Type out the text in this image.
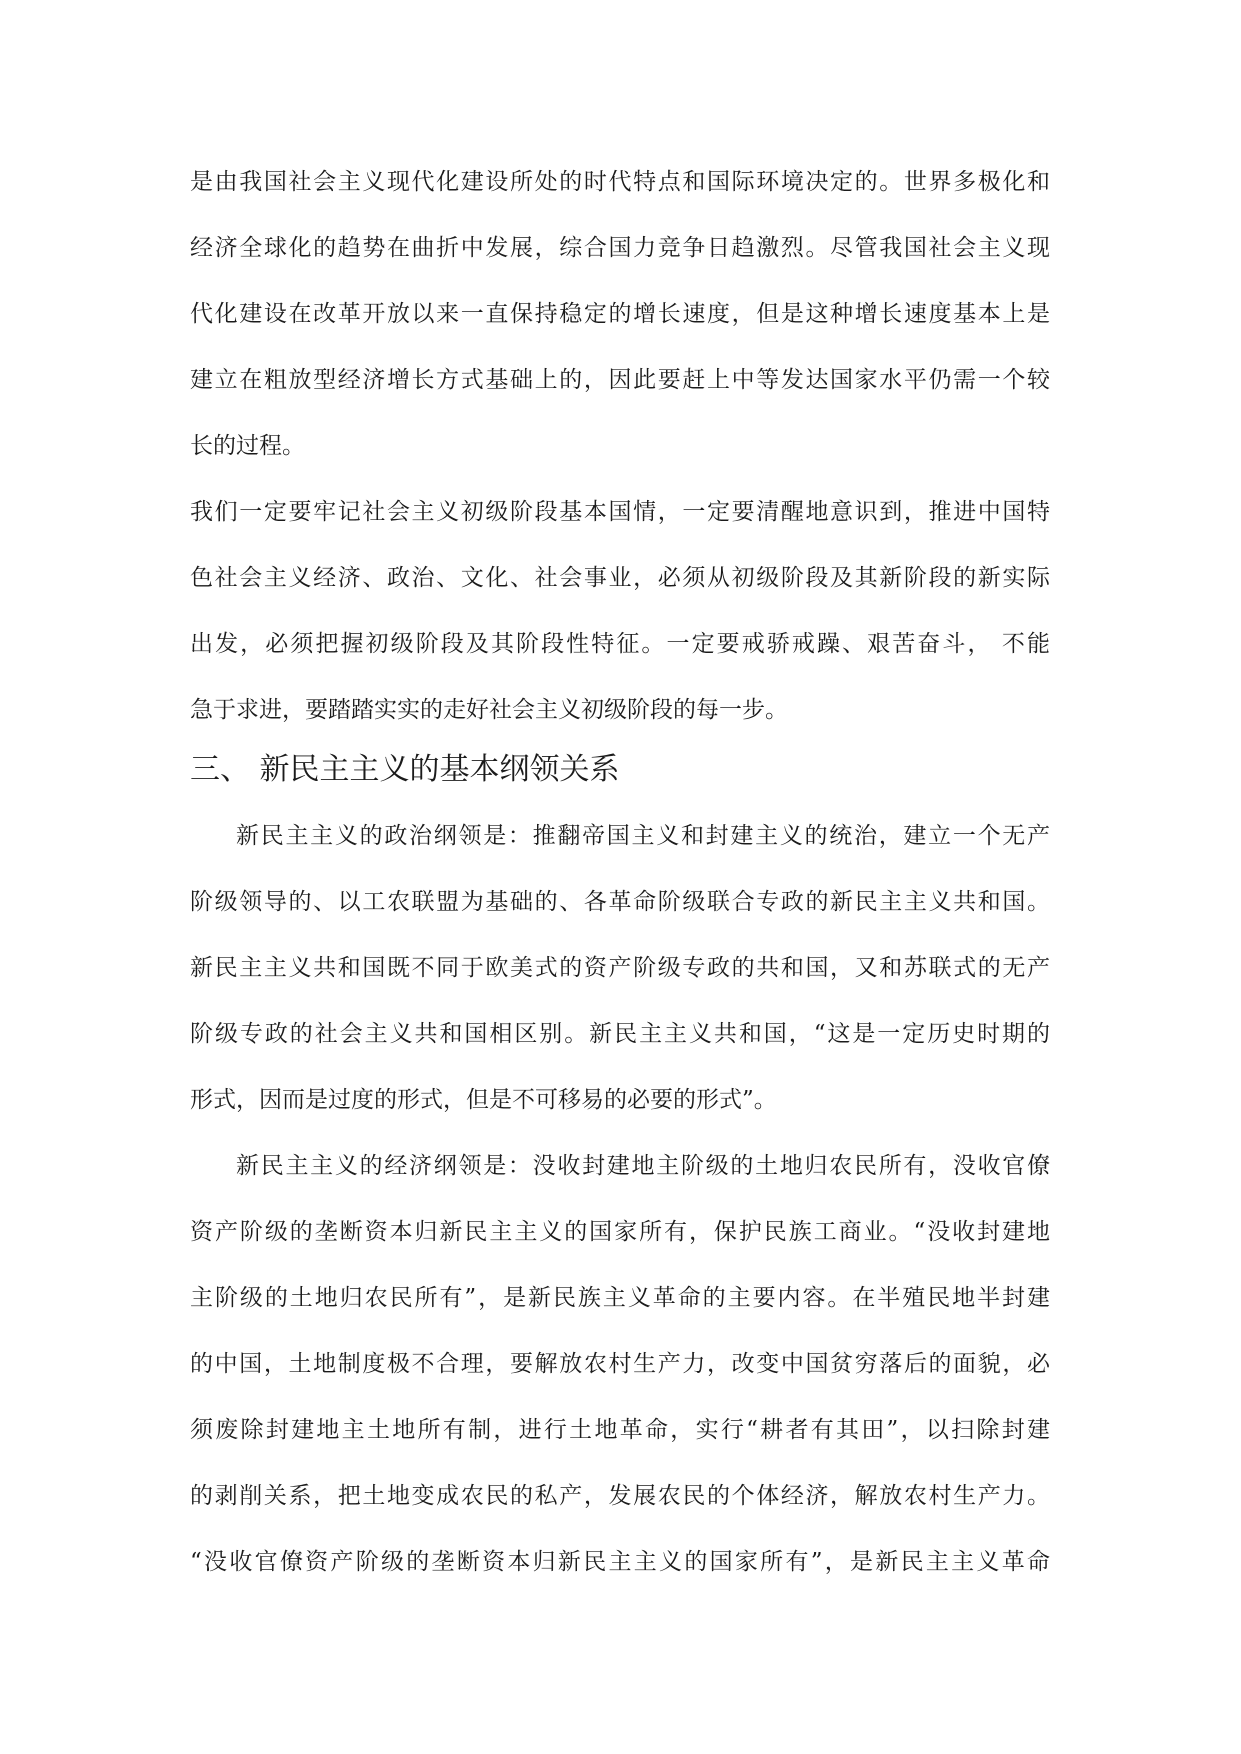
是由我国社会主义现代化建设所处的时代特点和国际环境决定的。世界多极化和
经济全球化的趋势在曲折中发展，综合国力竞争日趋激烈。尽管我国社会主义现
代化建设在改革开放以来一直保持稳定的增长速度，但是这种增长速度基本上是
建立在粗放型经济增长方式基础上的，因此要赶上中等发达国家水平仍需一个较
长的过程。
我们一定要牢记社会主义初级阶段基本国情，一定要清醒地意识到，推进中国特
色社会主义经济、政治、文化、社会事业，必须从初级阶段及其新阶段的新实际
出发，必须把握初级阶段及其阶段性特征。一定要戒骄戒躁、艰苦奋斗， 不能
急于求进，要踏踏实实的走好社会主义初级阶段的每一步。
三、 新民主主义的基本纲领关系
新民主主义的政治纲领是：推翻帝国主义和封建主义的统治，建立一个无产
阶级领导的、以工农联盟为基础的、各革命阶级联合专政的新民主主义共和国。
新民主主义共和国既不同于欧美式的资产阶级专政的共和国，又和苏联式的无产
阶级专政的社会主义共和国相区别。新民主主义共和国，“这是一定历史时期的
形式，因而是过度的形式，但是不可移易的必要的形式”。
新民主主义的经济纲领是：没收封建地主阶级的土地归农民所有，没收官僚
资产阶级的垄断资本归新民主主义的国家所有，保护民族工商业。“没收封建地
主阶级的土地归农民所有”，是新民族主义革命的主要内容。在半殖民地半封建
的中国，土地制度极不合理，要解放农村生产力，改变中国贫穷落后的面貌，必
须废除封建地主土地所有制，进行土地革命，实行“耕者有其田”，以扫除封建
的剥削关系，把土地变成农民的私产，发展农民的个体经济，解放农村生产力。
“没收官僚资产阶级的垄断资本归新民主主义的国家所有”，是新民主主义革命
